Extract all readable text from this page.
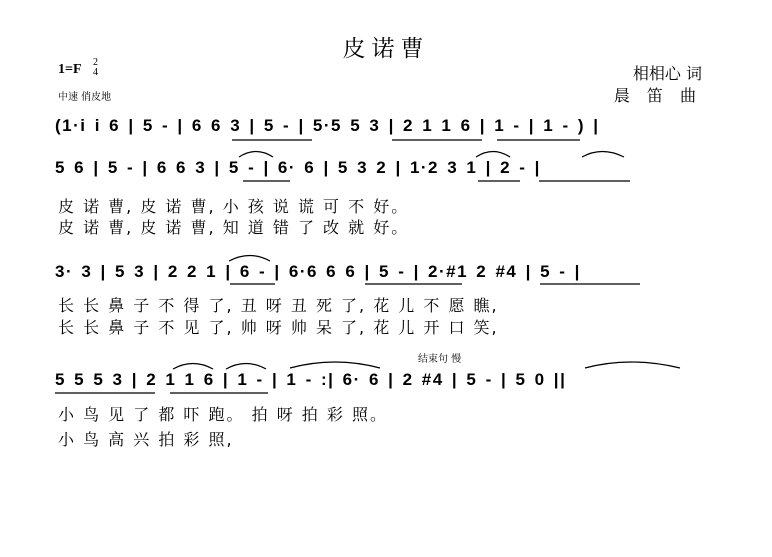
皮诺曹
1=F 2
4
中速 俏皮地
相相心 词
晨 笛 曲
(1·i i 6 | 5 - | 6 6 3 | 5 - | 5·5 5 3 | 2 1 1 6 | 1 - | 1 - ) |
5 6 | 5 - | 6 6 3 | 5 - | 6· 6 | 5 3 2 | 1·2 3 1 | 2 - |
皮 诺 曹, 皮 诺 曹, 小 孩 说 谎 可 不 好。
皮 诺 曹, 皮 诺 曹, 知 道 错 了 改 就 好。
3· 3 | 5 3 | 2 2 1 | 6 - | 6·6 6 6 | 5 - | 2·#1 2 #4 | 5 - |
长 长 鼻 子 不 得 了, 丑 呀 丑 死 了, 花 儿 不 愿 瞧,
长 长 鼻 子 不 见 了, 帅 呀 帅 呆 了, 花 儿 开 口 笑,
结束句 慢
5 5 5 3 | 2 1 1 6 | 1 - | 1 - :| 6· 6 | 2 #4 | 5 - | 5 0 ||
小 鸟 见 了 都 吓 跑。 拍 呀 拍 彩 照。
小 鸟 高 兴 拍 彩 照,
